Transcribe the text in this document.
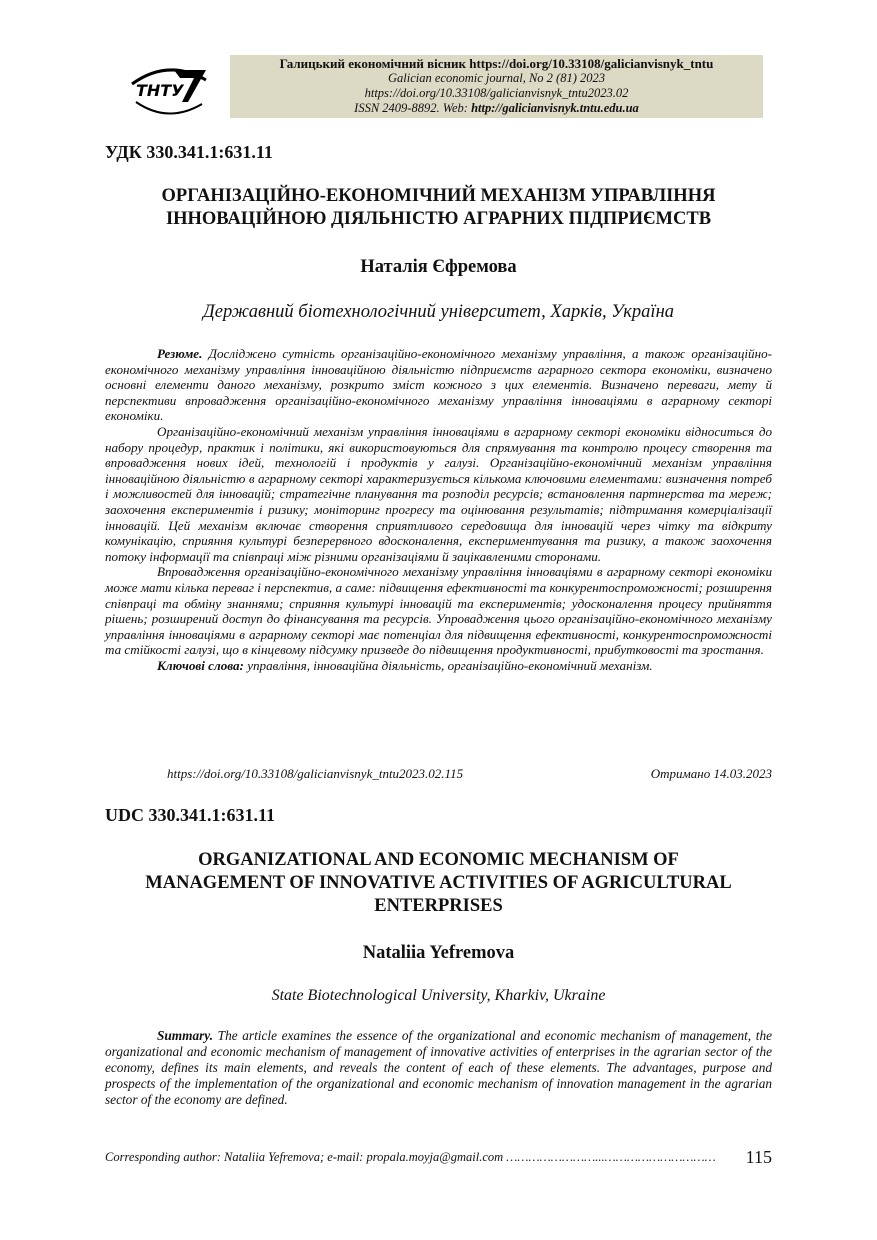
ТНТУ
Галицький економічний вісник https://doi.org/10.33108/galicianvisnyk_tntu
Galician economic journal, No 2 (81) 2023
https://doi.org/10.33108/galicianvisnyk_tntu2023.02
ISSN 2409-8892. Web: http://galicianvisnyk.tntu.edu.ua
УДК 330.341.1:631.11
ОРГАНІЗАЦІЙНО-ЕКОНОМІЧНИЙ МЕХАНІЗМ УПРАВЛІННЯ
ІННОВАЦІЙНОЮ ДІЯЛЬНІСТЮ АГРАРНИХ ПІДПРИЄМСТВ
Наталія Єфремова
Державний біотехнологічний університет, Харків, Україна

Резюме. Досліджено сутність організаційно-економічного механізму управління, а також організаційно-економічного механізму управління інноваційною діяльністю підприємств аграрного сектора економіки, визначено основні елементи даного механізму, розкрито зміст кожного з цих елементів. Визначено переваги, мету й перспективи впровадження організаційно-економічного механізму управління інноваціями в аграрному секторі економіки.

Організаційно-економічний механізм управління інноваціями в аграрному секторі економіки відноситься до набору процедур, практик і політики, які використовуються для спрямування та контролю процесу створення та впровадження нових ідей, технологій і продуктів у галузі. Організаційно-економічний механізм управління інноваційною діяльністю в аграрному секторі характеризується кількома ключовими елементами: визначення потреб і можливостей для інновацій; стратегічне планування та розподіл ресурсів; встановлення партнерства та мереж; заохочення експериментів і ризику; моніторинг прогресу та оцінювання результатів; підтримання комерціалізації інновацій. Цей механізм включає створення сприятливого середовища для інновацій через чітку та відкриту комунікацію, сприяння культурі безперервного вдосконалення, експериментування та ризику, а також заохочення потоку інформації та співпраці між різними організаціями й зацікавленими сторонами.

Впровадження організаційно-економічного механізму управління інноваціями в аграрному секторі економіки може мати кілька переваг і перспектив, а саме: підвищення ефективності та конкурентоспроможності; розширення співпраці та обміну знаннями; сприяння культурі інновацій та експериментів; удосконалення процесу прийняття рішень; розширений доступ до фінансування та ресурсів. Упровадження цього організаційно-економічного механізму управління інноваціями в аграрному секторі має потенціал для підвищення ефективності, конкурентоспроможності та стійкості галузі, що в кінцевому підсумку призведе до підвищення продуктивності, прибутковості та зростання.

Ключові слова: управління, інноваційна діяльність, організаційно-економічний механізм.

https://doi.org/10.33108/galicianvisnyk_tntu2023.02.115	Отримано 14.03.2023
UDC 330.341.1:631.11
ORGANIZATIONAL AND ECONOMIC MECHANISM OF
MANAGEMENT OF INNOVATIVE ACTIVITIES OF AGRICULTURAL
ENTERPRISES
Nataliia Yefremova
State Biotechnological University, Kharkiv, Ukraine

Summary. The article examines the essence of the organizational and economic mechanism of management, the organizational and economic mechanism of management of innovative activities of enterprises in the agrarian sector of the economy, defines its main elements, and reveals the content of each of these elements. The advantages, purpose and prospects of the implementation of the organizational and economic mechanism of innovation management in the agrarian sector of the economy are defined.

Corresponding author: Nataliia Yefremova; e-mail: propala.moyja@gmail.com ……………………...………………………… 115
